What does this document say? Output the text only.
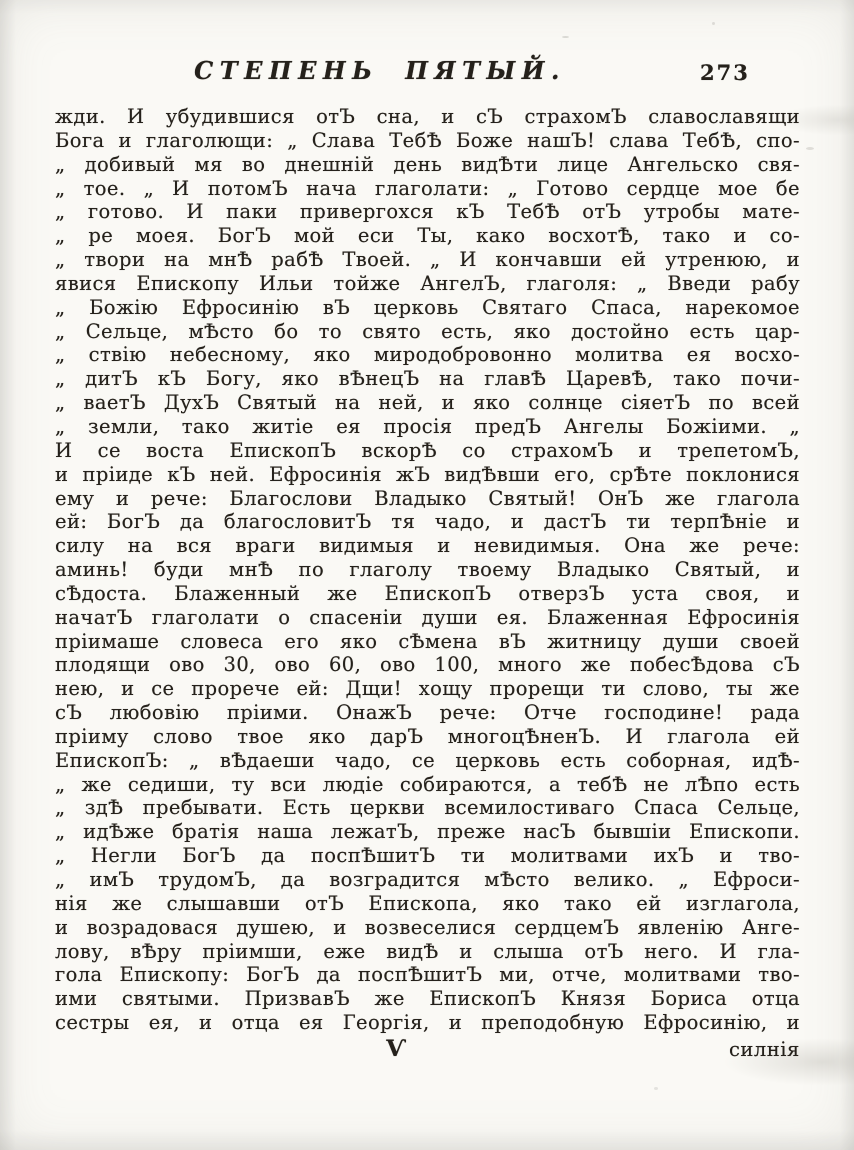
СТЕПЕНЬ ПЯТЫЙ.	273
жди. И убудившися отЪ сна, и сЪ страхомЪ славославящи
Бога и глаголющи: „ Слава ТебѢ Боже нашЪ! слава ТебѢ, спо-
„ добивый мя во днешній день видѢти лице Ангельско свя-
„ тое. „ И потомЪ нача глаголати: „ Готово сердце мое бе
„ готово. И паки привергохся кЪ ТебѢ отЪ утробы мате-
„ ре моея. БогЪ мой еси Ты, како восхотѢ, тако и со-
„ твори на мнѢ рабѢ Твоей. „ И кончавши ей утренюю, и
явися Епископу Ильи тойже АнгелЪ, глаголя: „ Введи рабу
„ Божію Ефросинію вЪ церковь Святаго Спаса, нарекомое
„ Сельце, мѢсто бо то свято есть, яко достойно есть цар-
„ ствію небесному, яко миродобровонно молитва ея восхо-
„ дитЪ кЪ Богу, яко вѢнецЪ на главѢ ЦаревѢ, тако почи-
„ ваетЪ ДухЪ Святый на ней, и яко солнце сіяетЪ по всей
„ земли, тако житіе ея просія предЪ Ангелы Божіими. „
И се воста ЕпископЪ вскорѢ со страхомЪ и трепетомЪ,
и пріиде кЪ ней. Ефросинія жЪ видѢвши его, срѢте поклонися
ему и рече: Благослови Владыко Святый! ОнЪ же глагола
ей: БогЪ да благословитЪ тя чадо, и дастЪ ти терпѢніе и
силу на вся враги видимыя и невидимыя. Она же рече:
аминь! буди мнѢ по глаголу твоему Владыко Святый, и
сѢдоста. Блаженный же ЕпископЪ отверзЪ уста своя, и
начатЪ глаголати о спасеніи души ея. Блаженная Ефросинія
пріимаше словеса его яко сѢмена вЪ житницу души своей
плодящи ово 30, ово 60, ово 100, много же побесѢдова сЪ
нею, и се прорече ей: Дщи! хощу прорещи ти слово, ты же
сЪ любовію пріими. ОнажЪ рече: Отче господине! рада
пріиму слово твое яко дарЪ многоцѢненЪ. И глагола ей
ЕпископЪ: „ вѢдаеши чадо, се церковь есть соборная, идѢ-
„ же седиши, ту вси людіе собираются, а тебѢ не лѢпо есть
„ здѢ пребывати. Есть церкви всемилостиваго Спаса Сельце,
„ идѢже братія наша лежатЪ, преже насЪ бывшіи Епископи.
„ Негли БогЪ да поспѢшитЪ ти молитвами ихЪ и тво-
„ имЪ трудомЪ, да возградится мѢсто велико. „ Ефроси-
нія же слышавши отЪ Епископа, яко тако ей изглагола,
и возрадовася душею, и возвеселися сердцемЪ явленію Анге-
лову, вѢру пріимши, еже видѢ и слыша отЪ него. И гла-
гола Епископу: БогЪ да поспѢшитЪ ми, отче, молитвами тво-
ими святыми. ПризвавЪ же ЕпископЪ Князя Бориса отца
сестры ея, и отца ея Георгія, и преподобную Ефросинію, и
Ѵ	силнія
